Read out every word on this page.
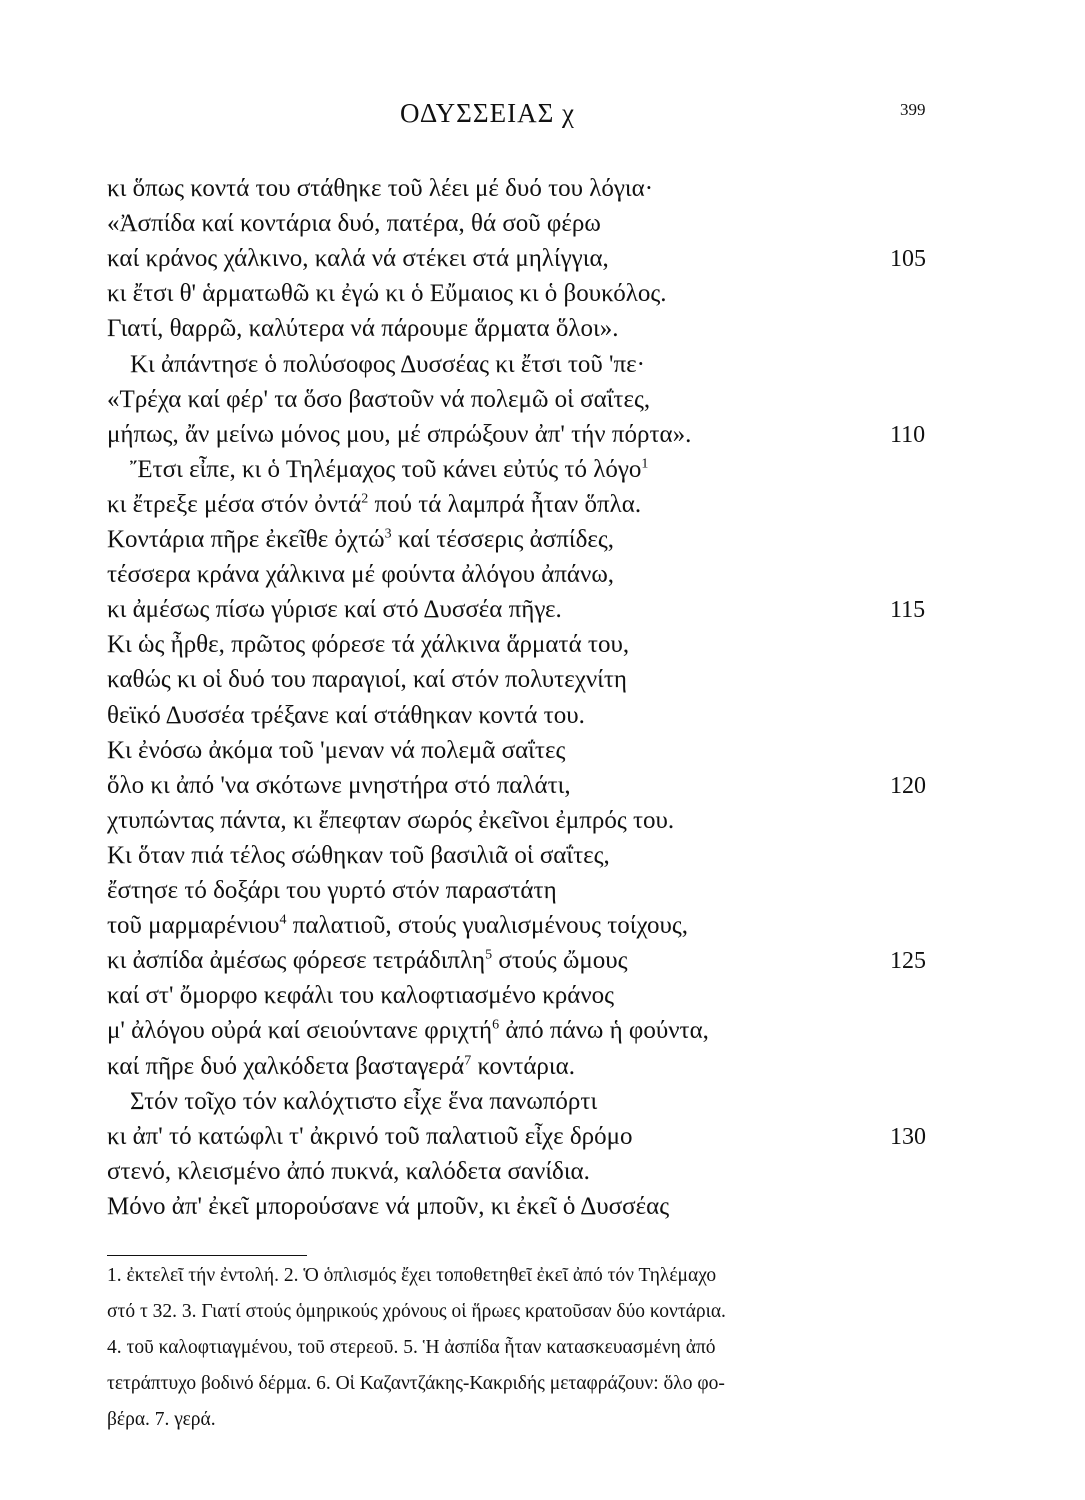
ΟΔΥΣΣΕΙΑΣ χ	399
κι ὅπως κοντά του στάθηκε τοῦ λέει μέ δυό του λόγια·
«Ἀσπίδα καί κοντάρια δυό, πατέρα, θά σοῦ φέρω
καί κράνος χάλκινο, καλά νά στέκει στά μηλίγγια,	105
κι ἔτσι θ' ἁρματωθῶ κι ἐγώ κι ὁ Εὔμαιος κι ὁ βουκόλος.
Γιατί, θαρρῶ, καλύτερα νά πάρουμε ἅρματα ὅλοι».
Κι ἀπάντησε ὁ πολύσοφος Δυσσέας κι ἔτσι τοῦ 'πε·
«Τρέχα καί φέρ' τα ὅσο βαστοῦν νά πολεμῶ οἱ σαΐτες,
μήπως, ἄν μείνω μόνος μου, μέ σπρώξουν ἀπ' τήν πόρτα».	110
Ἔτσι εἶπε, κι ὁ Τηλέμαχος τοῦ κάνει εὐτύς τό λόγο$^1$
κι ἔτρεξε μέσα στόν ὀντά$^2$ πού τά λαμπρά ἦταν ὅπλα.
Κοντάρια πῆρε ἐκεῖθε ὀχτώ$^3$ καί τέσσερις ἀσπίδες,
τέσσερα κράνα χάλκινα μέ φούντα ἀλόγου ἀπάνω,
κι ἀμέσως πίσω γύρισε καί στό Δυσσέα πῆγε.	115
Κι ὡς ἦρθε, πρῶτος φόρεσε τά χάλκινα ἅρματά του,
καθώς κι οἱ δυό του παραγιοί, καί στόν πολυτεχνίτη
θεϊκό Δυσσέα τρέξανε καί στάθηκαν κοντά του.
Κι ἐνόσω ἀκόμα τοῦ 'μεναν νά πολεμᾶ σαΐτες
ὅλο κι ἀπό 'να σκότωνε μνηστήρα στό παλάτι,	120
χτυπώντας πάντα, κι ἔπεφταν σωρός ἐκεῖνοι ἐμπρός του.
Κι ὅταν πιά τέλος σώθηκαν τοῦ βασιλιᾶ οἱ σαΐτες,
ἔστησε τό δοξάρι του γυρτό στόν παραστάτη
τοῦ μαρμαρένιου$^4$ παλατιοῦ, στούς γυαλισμένους τοίχους,
κι ἀσπίδα ἀμέσως φόρεσε τετράδιπλη$^5$ στούς ὤμους	125
καί στ' ὄμορφο κεφάλι του καλοφτιασμένο κράνος
μ' ἀλόγου οὐρά καί σειούντανε φριχτή$^6$ ἀπό πάνω ἡ φούντα,
καί πῆρε δυό χαλκόδετα βασταγερά$^7$ κοντάρια.
Στόν τοῖχο τόν καλόχτιστο εἶχε ἕνα πανωπόρτι
κι ἀπ' τό κατώφλι τ' ἀκρινό τοῦ παλατιοῦ εἶχε δρόμο	130
στενό, κλεισμένο ἀπό πυκνά, καλόδετα σανίδια.
Μόνο ἀπ' ἐκεῖ μπορούσανε νά μποῦν, κι ἐκεῖ ὁ Δυσσέας
1. ἐκτελεῖ τήν ἐντολή. 2. Ὁ ὁπλισμός ἔχει τοποθετηθεῖ ἐκεῖ ἀπό τόν Τηλέμαχο
στό τ 32. 3. Γιατί στούς ὁμηρικούς χρόνους οἱ ἥρωες κρατοῦσαν δύο κοντάρια.
4. τοῦ καλοφτιαγμένου, τοῦ στερεοῦ. 5. Ἡ ἀσπίδα ἦταν κατασκευασμένη ἀπό
τετράπτυχο βοδινό δέρμα. 6. Οἱ Καζαντζάκης-Κακριδής μεταφράζουν: ὅλο φο-
βέρα. 7. γερά.
